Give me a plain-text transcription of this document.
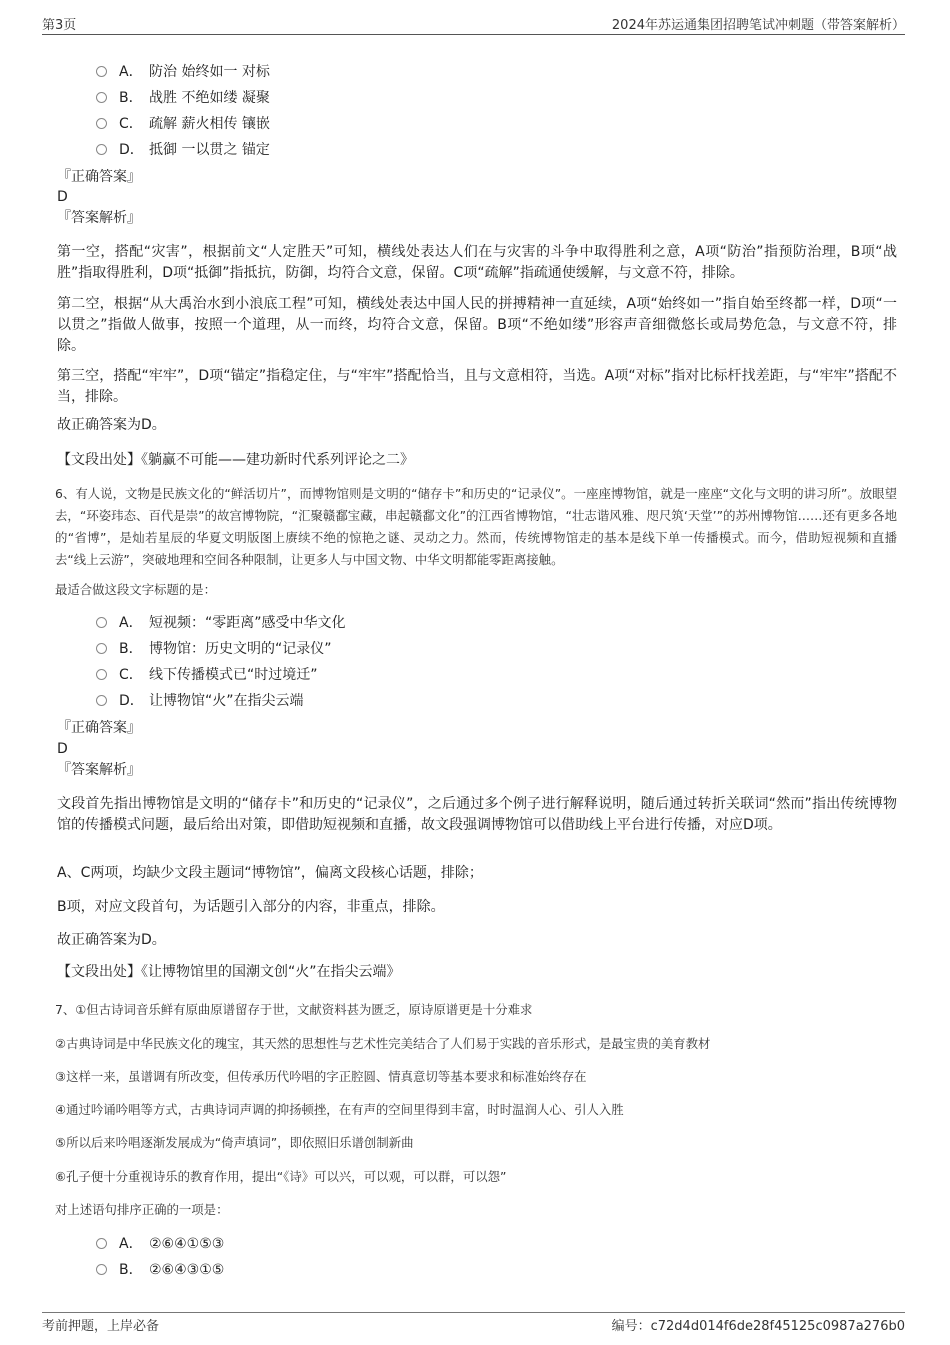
第3页	2024年苏运通集团招聘笔试冲刺题（带答案解析）
A． 防治 始终如一 对标
B． 战胜 不绝如缕 凝聚
C． 疏解 薪火相传 镶嵌
D． 抵御 一以贯之 锚定
『正确答案』
D
『答案解析』
第一空，搭配“灾害”，根据前文“人定胜天”可知，横线处表达人们在与灾害的斗争中取得胜利之意，A项“防治”指预防治理，B项“战胜”指取得胜利，D项“抵御”指抵抗，防御，均符合文意，保留。C项“疏解”指疏通使缓解，与文意不符，排除。
第二空，根据“从大禹治水到小浪底工程”可知，横线处表达中国人民的拼搏精神一直延续，A项“始终如一”指自始至终都一样，D项“一以贯之”指做人做事，按照一个道理，从一而终，均符合文意，保留。B项“不绝如缕”形容声音细微悠长或局势危急，与文意不符，排除。
第三空，搭配“牢牢”，D项“锚定”指稳定住，与“牢牢”搭配恰当，且与文意相符，当选。A项“对标”指对比标杆找差距，与“牢牢”搭配不当，排除。
故正确答案为D。
【文段出处】《躺赢不可能——建功新时代系列评论之二》
6、有人说，文物是民族文化的“鲜活切片”，而博物馆则是文明的“储存卡”和历史的“记录仪”。一座座博物馆，就是一座座“文化与文明的讲习所”。放眼望去，“环姿玮态、百代是崇”的故宫博物院，“汇聚赣鄱宝藏，串起赣鄱文化”的江西省博物馆，“壮志谐风雅、咫尺筑‘天堂’”的苏州博物馆……还有更多各地的“省博”，是灿若星辰的华夏文明版图上赓续不绝的惊艳之谜、灵动之力。然而，传统博物馆走的基本是线下单一传播模式。而今，借助短视频和直播去“线上云游”，突破地理和空间各种限制，让更多人与中国文物、中华文明都能零距离接触。
最适合做这段文字标题的是：
A． 短视频：“零距离”感受中华文化
B． 博物馆：历史文明的“记录仪”
C． 线下传播模式已“时过境迁”
D． 让博物馆“火”在指尖云端
『正确答案』
D
『答案解析』
文段首先指出博物馆是文明的“储存卡”和历史的“记录仪”，之后通过多个例子进行解释说明，随后通过转折关联词“然而”指出传统博物馆的传播模式问题，最后给出对策，即借助短视频和直播，故文段强调博物馆可以借助线上平台进行传播，对应D项。
A、C两项，均缺少文段主题词“博物馆”，偏离文段核心话题，排除；
B项，对应文段首句，为话题引入部分的内容，非重点，排除。
故正确答案为D。
【文段出处】《让博物馆里的国潮文创“火”在指尖云端》
7、①但古诗词音乐鲜有原曲原谱留存于世，文献资料甚为匮乏，原诗原谱更是十分难求
②古典诗词是中华民族文化的瑰宝，其天然的思想性与艺术性完美结合了人们易于实践的音乐形式，是最宝贵的美育教材
③这样一来，虽谱调有所改变，但传承历代吟唱的字正腔圆、情真意切等基本要求和标准始终存在
④通过吟诵吟唱等方式，古典诗词声调的抑扬顿挫，在有声的空间里得到丰富，时时温润人心、引人入胜
⑤所以后来吟唱逐渐发展成为“倚声填词”，即依照旧乐谱创制新曲
⑥孔子便十分重视诗乐的教育作用，提出“《诗》可以兴，可以观，可以群，可以怨”
对上述语句排序正确的一项是：
A． ②⑥④①⑤③
B． ②⑥④③①⑤
考前押题，上岸必备	编号：c72d4d014f6de28f45125c0987a276b0
